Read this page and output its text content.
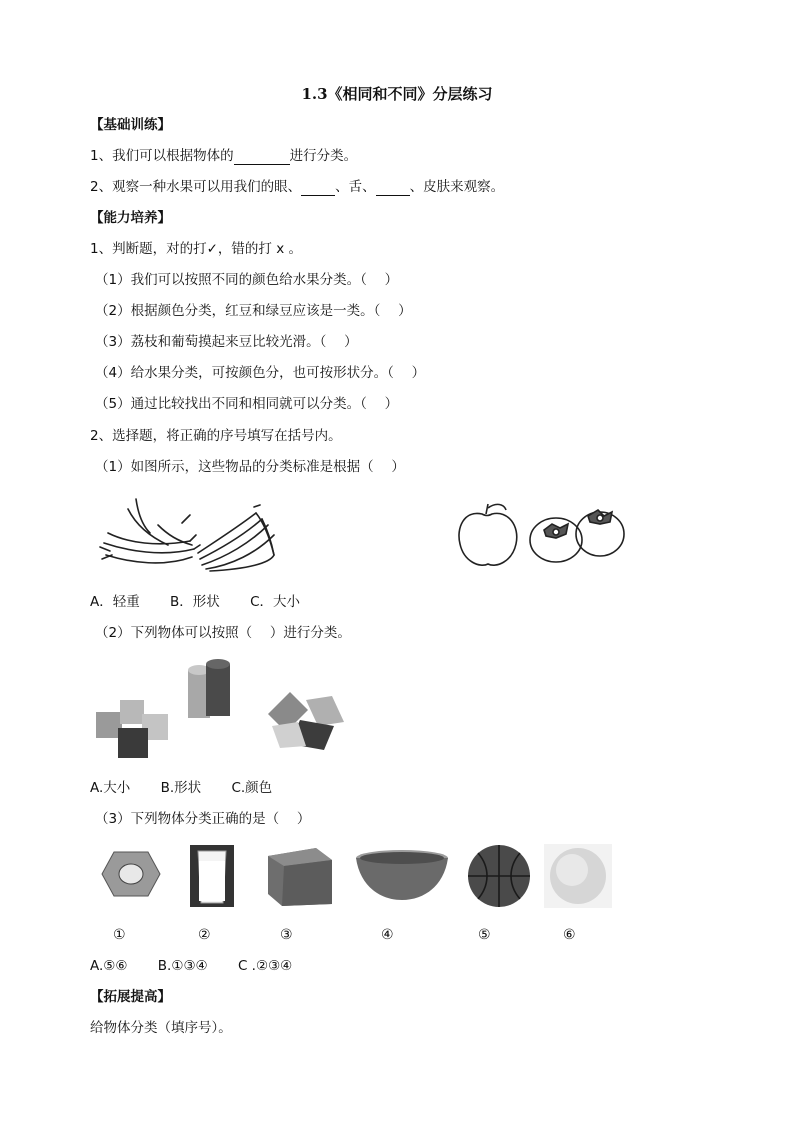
1.3《相同和不同》分层练习
【基础训练】
1、我们可以根据物体的	进行分类。
2、观察一种水果可以用我们的眼、	、舌、	、皮肤来观察。
【能力培养】
1、判断题，对的打✓，错的打 x 。
（1）我们可以按照不同的颜色给水果分类。（　 ）
（2）根据颜色分类，红豆和绿豆应该是一类。（　 ）
（3）荔枝和葡萄摸起来豆比较光滑。（　 ）
（4）给水果分类，可按颜色分，也可按形状分。（　 ）
（5）通过比较找出不同和相同就可以分类。（　 ）
2、选择题，将正确的序号填写在括号内。
（1）如图所示，这些物品的分类标准是根据（　 ）
A．轻重 B．形状 C．大小
（2）下列物体可以按照（　 ）进行分类。
A.大小 B.形状 C.颜色
（3）下列物体分类正确的是（　 ）
①	②	③	④	⑤	⑥
A.⑤⑥ B.①③④ C .②③④
【拓展提高】
给物体分类（填序号）。
